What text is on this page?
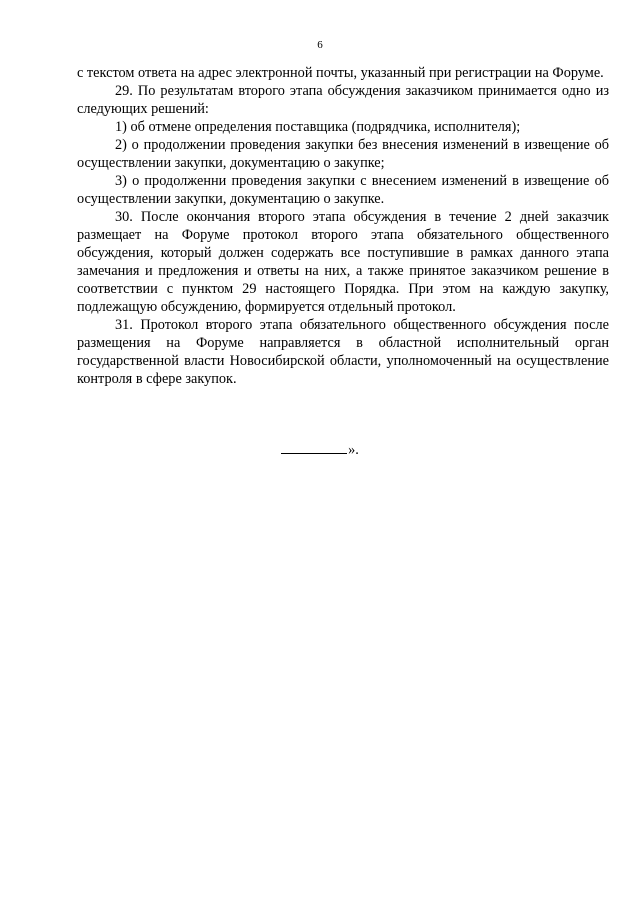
6

с текстом ответа на адрес электронной почты, указанный при регистрации на Форуме.

29. По результатам второго этапа обсуждения заказчиком принимается одно из следующих решений:

1) об отмене определения поставщика (подрядчика, исполнителя);

2) о продолжении проведения закупки без внесения изменений в извещение об осуществлении закупки, документацию о закупке;

3) о продолженни проведения закупки с внесением изменений в извещение об осуществлении закупки, документацию о закупке.

30. После окончания второго этапа обсуждения в течение 2 дней заказчик размещает на Форуме протокол второго этапа обязательного общественного обсуждения, который должен содержать все поступившие в рамках данного этапа замечания и предложения и ответы на них, а также принятое заказчиком решение в соответствии с пунктом 29 настоящего Порядка. При этом на каждую закупку, подлежащую обсуждению, формируется отдельный протокол.

31. Протокол второго этапа обязательного общественного обсуждения после размещения на Форуме направляется в областной исполнительный орган государственной власти Новосибирской области, уполномоченный на осуществление контроля в сфере закупок.

».
